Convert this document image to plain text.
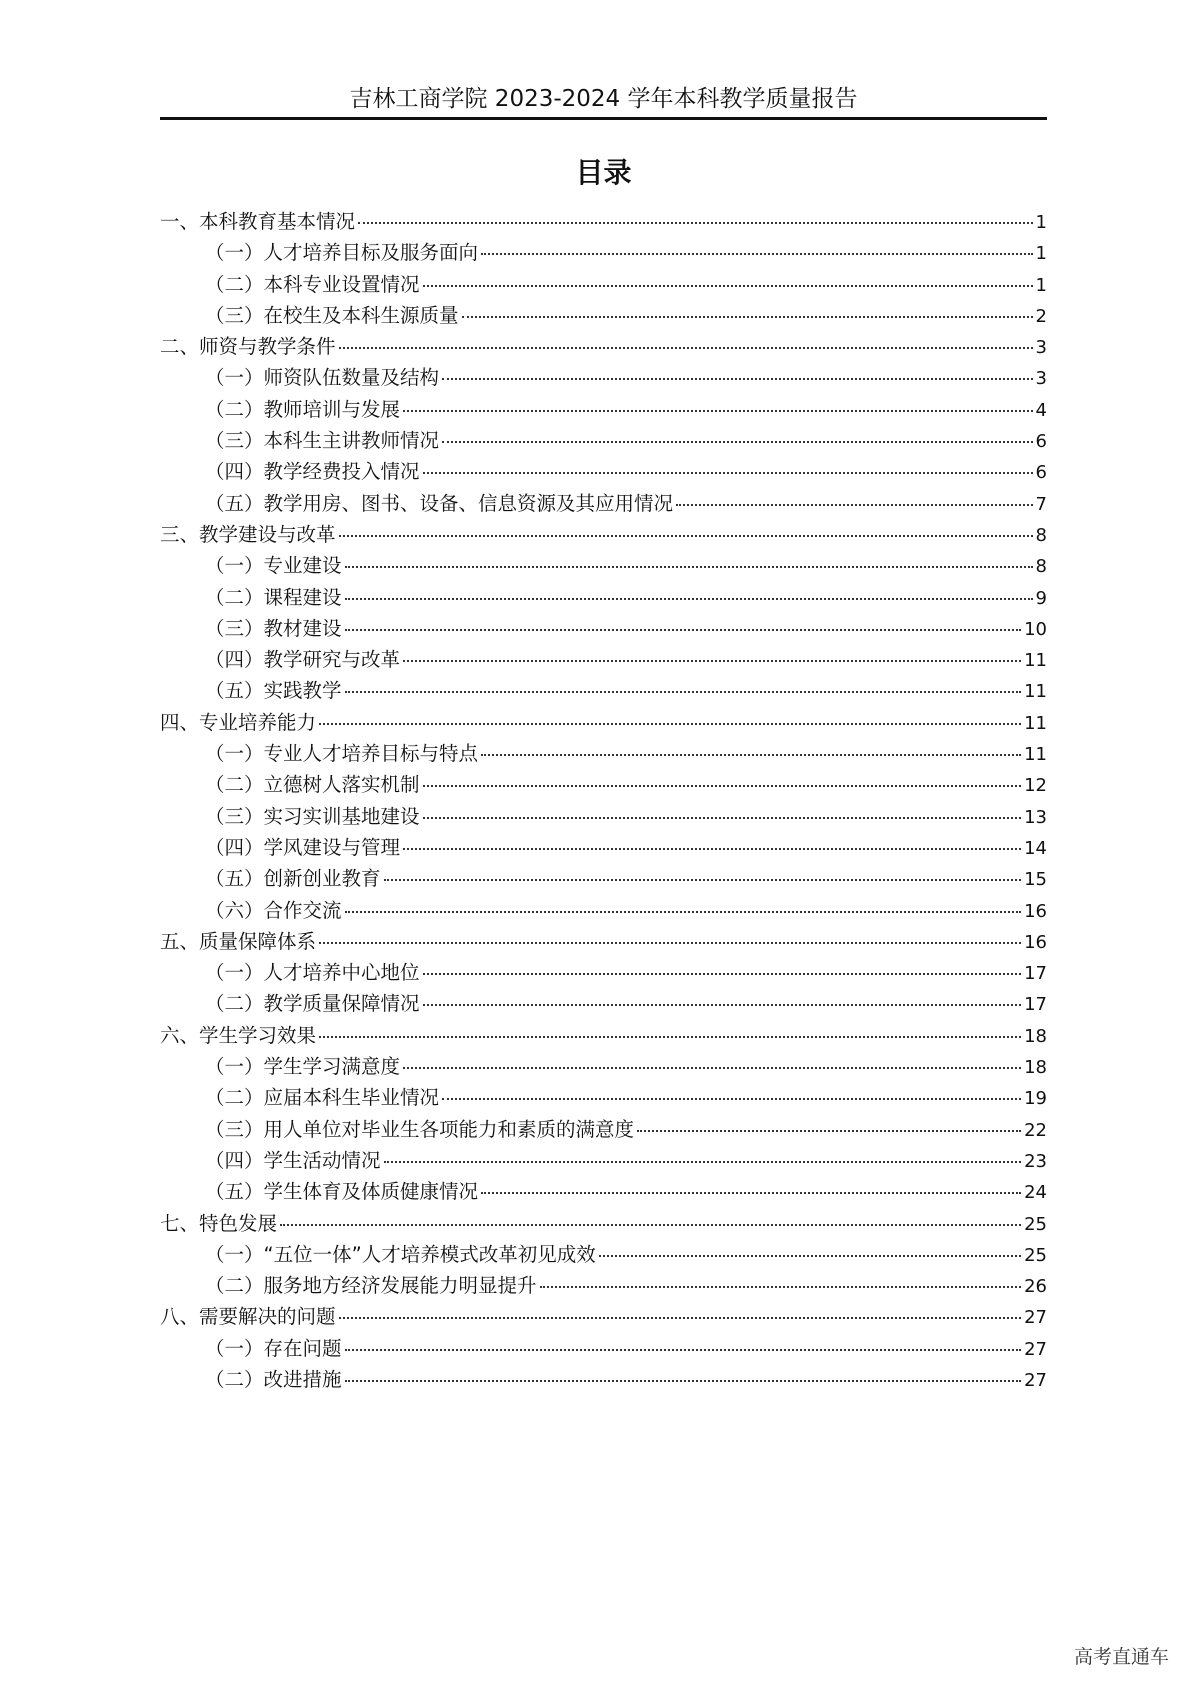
吉林工商学院 2023-2024 学年本科教学质量报告
目录
一、本科教育基本情况	1
（一）人才培养目标及服务面向	1
（二）本科专业设置情况	1
（三）在校生及本科生源质量	2
二、师资与教学条件	3
（一）师资队伍数量及结构	3
（二）教师培训与发展	4
（三）本科生主讲教师情况	6
（四）教学经费投入情况	6
（五）教学用房、图书、设备、信息资源及其应用情况	7
三、教学建设与改革	8
（一）专业建设	8
（二）课程建设	9
（三）教材建设	10
（四）教学研究与改革	11
（五）实践教学	11
四、专业培养能力	11
（一）专业人才培养目标与特点	11
（二）立德树人落实机制	12
（三）实习实训基地建设	13
（四）学风建设与管理	14
（五）创新创业教育	15
（六）合作交流	16
五、质量保障体系	16
（一）人才培养中心地位	17
（二）教学质量保障情况	17
六、学生学习效果	18
（一）学生学习满意度	18
（二）应届本科生毕业情况	19
（三）用人单位对毕业生各项能力和素质的满意度	22
（四）学生活动情况	23
（五）学生体育及体质健康情况	24
七、特色发展	25
（一）“五位一体”人才培养模式改革初见成效	25
（二）服务地方经济发展能力明显提升	26
八、需要解决的问题	27
（一）存在问题	27
（二）改进措施	27
高考直通车
